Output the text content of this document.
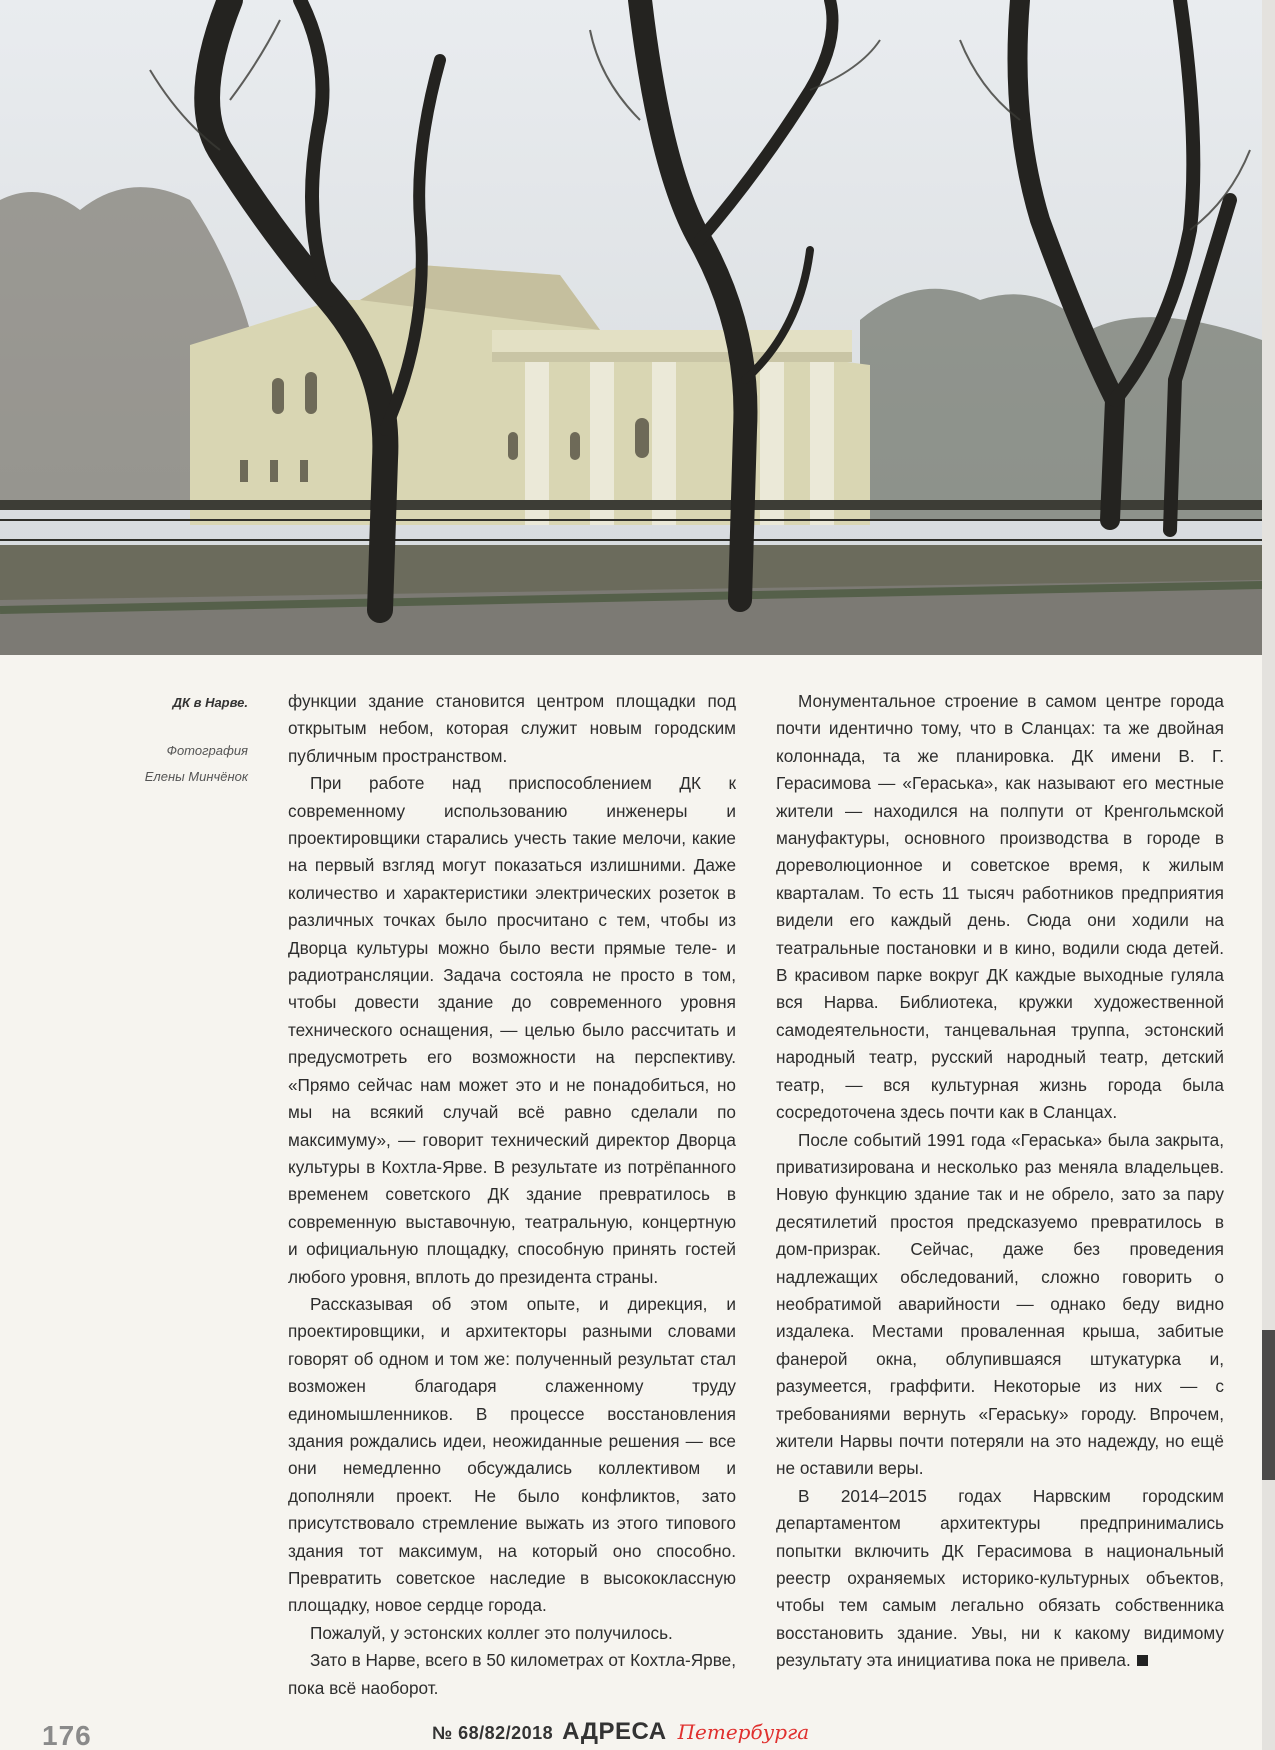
ДК в Нарве.
Фотография
Елены Минчёнок

функции здание становится центром площадки под открытым небом, которая служит новым городским публичным пространством.

При работе над приспособлением ДК к современному использованию инженеры и проектировщики старались учесть такие мелочи, какие на первый взгляд могут показаться излишними. Даже количество и характеристики электрических розеток в различных точках было просчитано с тем, чтобы из Дворца культуры можно было вести прямые теле- и радиотрансляции. Задача состояла не просто в том, чтобы довести здание до современного уровня технического оснащения, — целью было рассчитать и предусмотреть его возможности на перспективу. «Прямо сейчас нам может это и не понадобиться, но мы на всякий случай всё равно сделали по максимуму», — говорит технический директор Дворца культуры в Кохтла-Ярве. В результате из потрёпанного временем советского ДК здание превратилось в современную выставочную, театральную, концертную и официальную площадку, способную принять гостей любого уровня, вплоть до президента страны.

Рассказывая об этом опыте, и дирекция, и проектировщики, и архитекторы разными словами говорят об одном и том же: полученный результат стал возможен благодаря слаженному труду единомышленников. В процессе восстановления здания рождались идеи, неожиданные решения — все они немедленно обсуждались коллективом и дополняли проект. Не было конфликтов, зато присутствовало стремление выжать из этого типового здания тот максимум, на который оно способно. Превратить советское наследие в высококлассную площадку, новое сердце города.

Пожалуй, у эстонских коллег это получилось.

Зато в Нарве, всего в 50 километрах от Кохтла-Ярве, пока всё наоборот.

Монументальное строение в самом центре города почти идентично тому, что в Сланцах: та же двойная колоннада, та же планировка. ДК имени В. Г. Герасимова — «Гераська», как называют его местные жители — находился на полпути от Кренгольмской мануфактуры, основного производства в городе в дореволюционное и советское время, к жилым кварталам. То есть 11 тысяч работников предприятия видели его каждый день. Сюда они ходили на театральные постановки и в кино, водили сюда детей. В красивом парке вокруг ДК каждые выходные гуляла вся Нарва. Библиотека, кружки художественной самодеятельности, танцевальная труппа, эстонский народный театр, русский народный театр, детский театр, — вся культурная жизнь города была сосредоточена здесь почти как в Сланцах.

После событий 1991 года «Гераська» была закрыта, приватизирована и несколько раз меняла владельцев. Новую функцию здание так и не обрело, зато за пару десятилетий простоя предсказуемо превратилось в дом-призрак. Сейчас, даже без проведения надлежащих обследований, сложно говорить о необратимой аварийности — однако беду видно издалека. Местами проваленная крыша, забитые фанерой окна, облупившаяся штукатурка и, разумеется, граффити. Некоторые из них — с требованиями вернуть «Гераську» городу. Впрочем, жители Нарвы почти потеряли на это надежду, но ещё не оставили веры.

В 2014–2015 годах Нарвским городским департаментом архитектуры предпринимались попытки включить ДК Герасимова в национальный реестр охраняемых историко-культурных объектов, чтобы тем самым легально обязать собственника восстановить здание. Увы, ни к какому видимому результату эта инициатива пока не привела.

176	№ 68/82/2018 АДРЕСА Петербурга
